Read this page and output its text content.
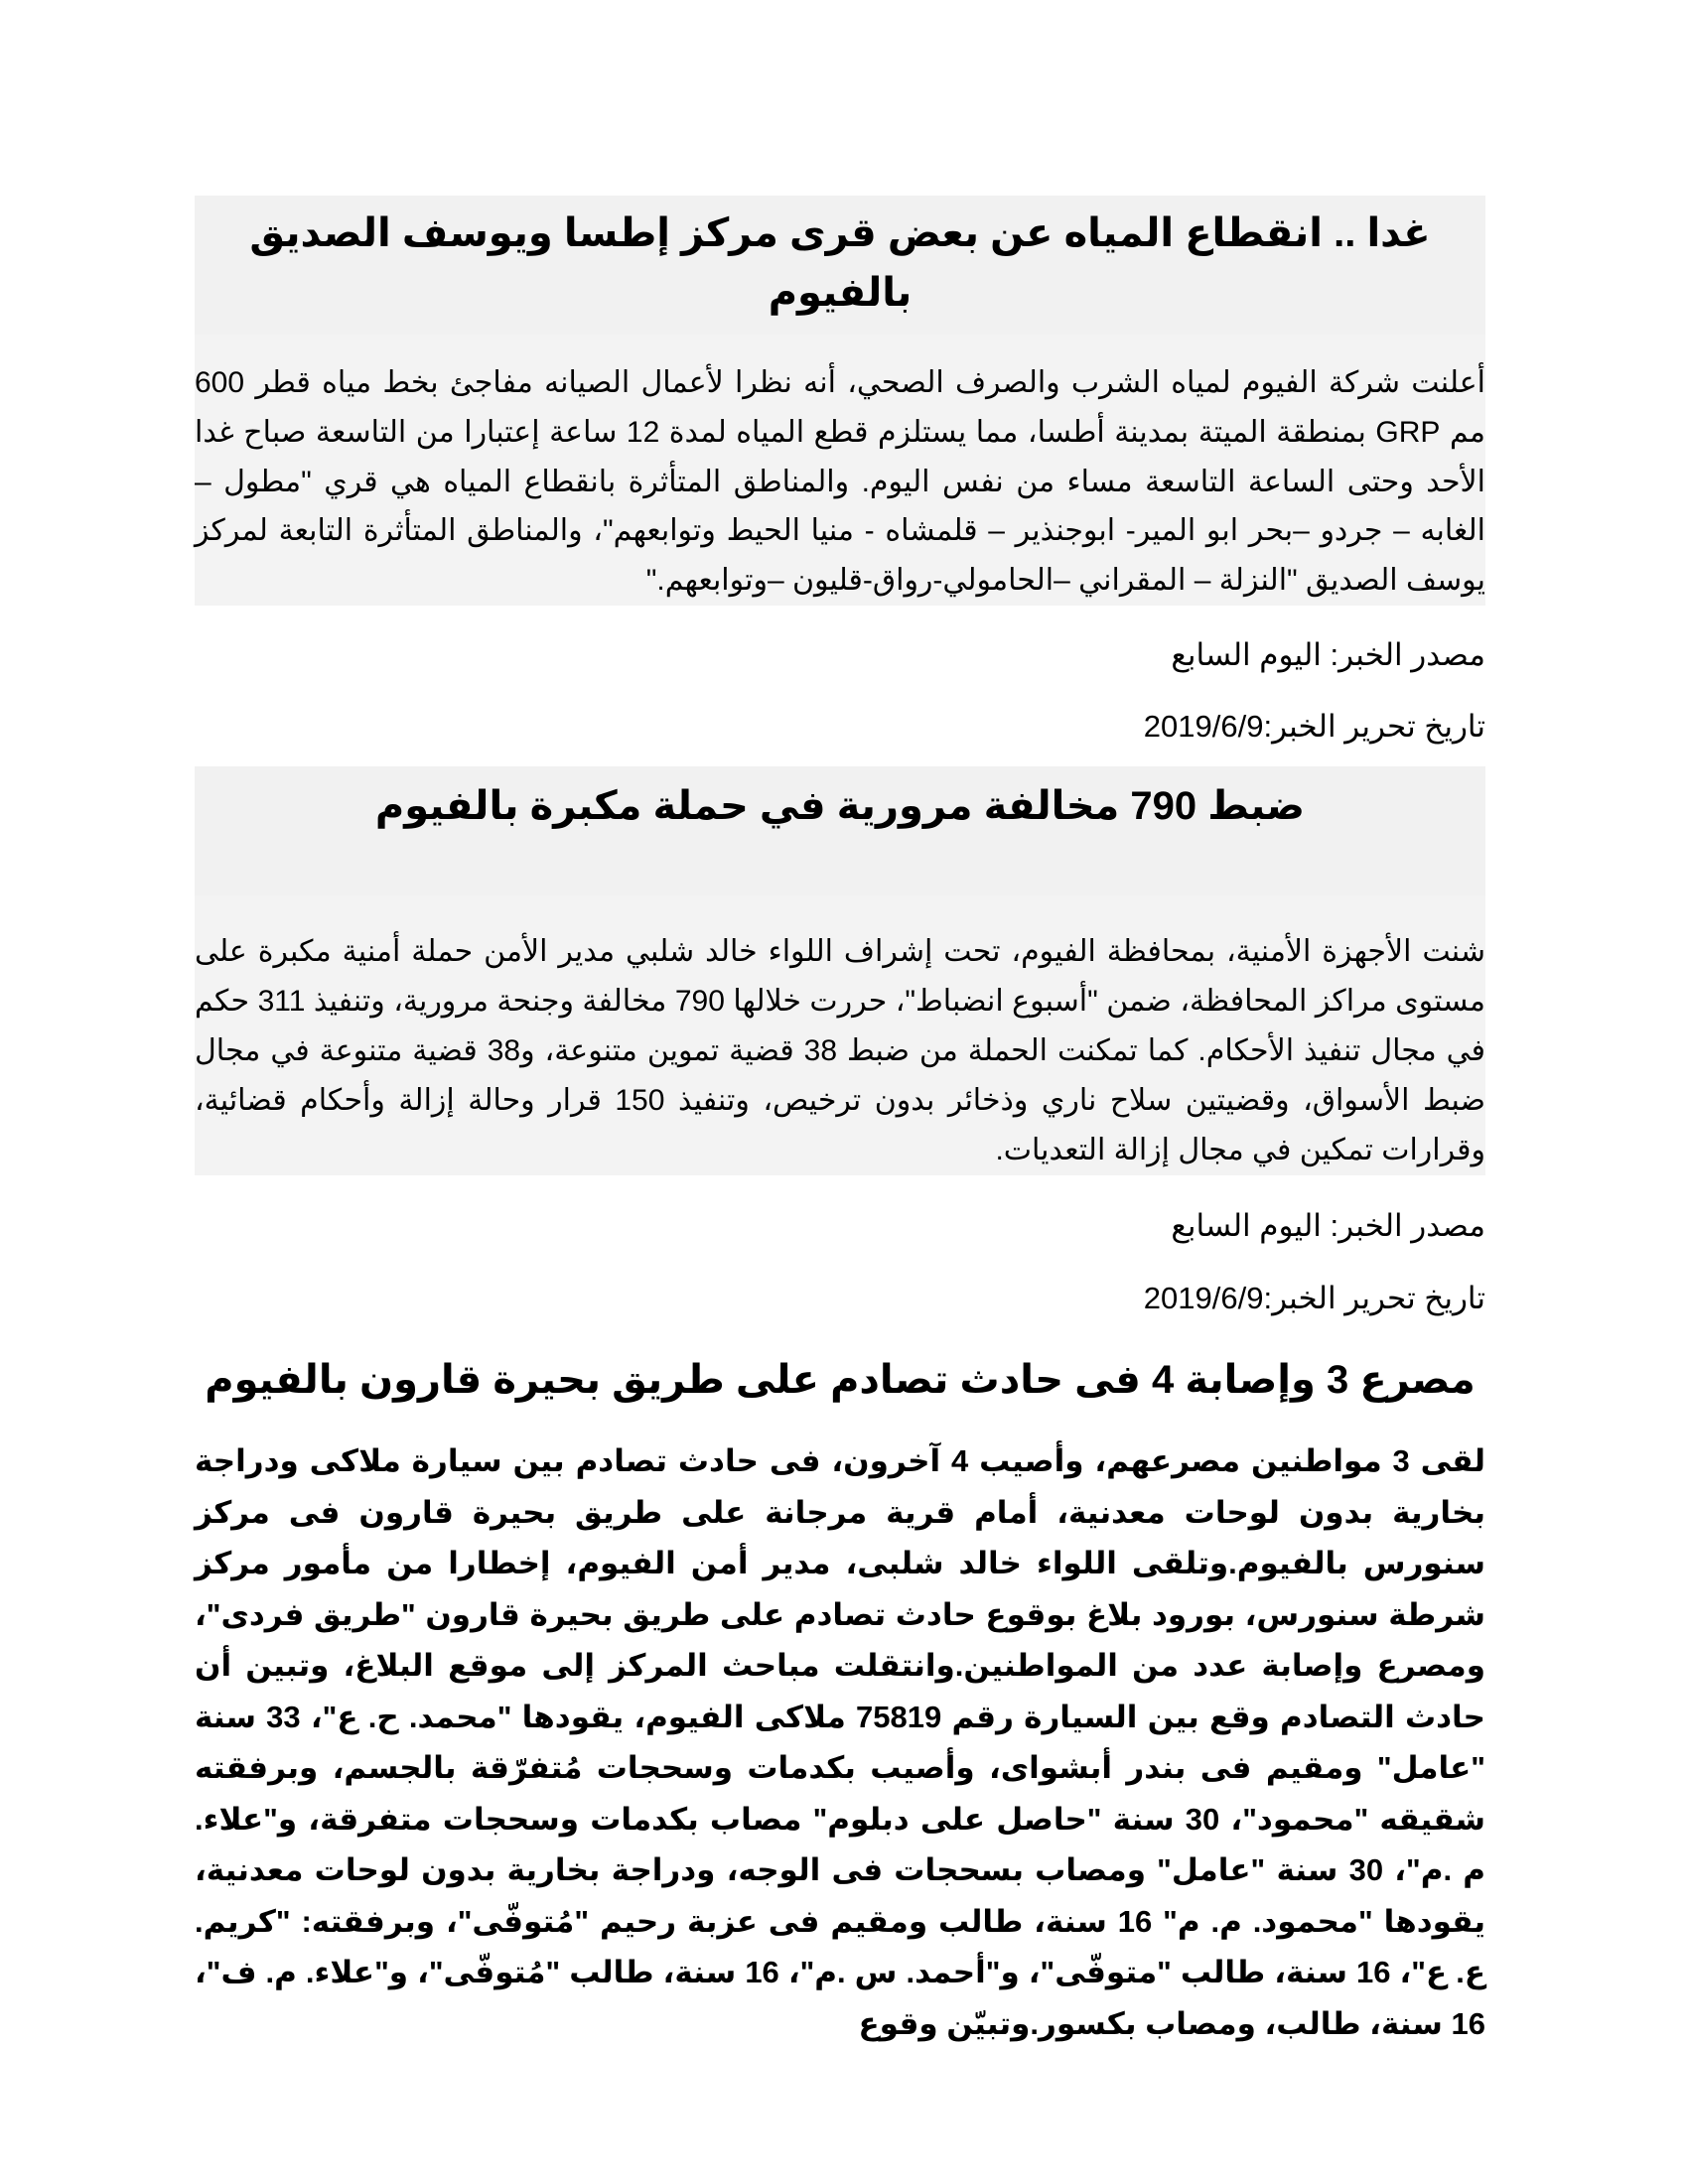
غدا .. انقطاع المياه عن بعض قرى مركز إطسا ويوسف الصديق بالفيوم

أعلنت شركة الفيوم لمياه الشرب والصرف الصحي، أنه نظرا لأعمال الصيانه مفاجئ بخط مياه قطر 600 مم GRP بمنطقة الميتة بمدينة أطسا، مما يستلزم قطع المياه لمدة 12 ساعة إعتبارا من التاسعة صباح غدا الأحد وحتى الساعة التاسعة مساء من نفس اليوم. والمناطق المتأثرة بانقطاع المياه هي قري "مطول –الغابه – جردو –بحر ابو المير- ابوجنذير – قلمشاه - منيا الحيط وتوابعهم"، والمناطق المتأثرة التابعة لمركز يوسف الصديق "النزلة – المقراني –الحامولي-رواق-قليون –وتوابعهم."

مصدر الخبر: اليوم السابع

تاريخ تحرير الخبر:2019/6/9

ضبط 790 مخالفة مرورية في حملة مكبرة بالفيوم

شنت الأجهزة الأمنية، بمحافظة الفيوم، تحت إشراف اللواء خالد شلبي مدير الأمن حملة أمنية مكبرة على مستوى مراكز المحافظة، ضمن "أسبوع انضباط"، حررت خلالها 790 مخالفة وجنحة مرورية، وتنفيذ 311 حكم في مجال تنفيذ الأحكام. كما تمكنت الحملة من ضبط 38 قضية تموين متنوعة، و38 قضية متنوعة في مجال ضبط الأسواق، وقضيتين سلاح ناري وذخائر بدون ترخيص، وتنفيذ 150 قرار وحالة إزالة وأحكام قضائية، وقرارات تمكين في مجال إزالة التعديات.

مصدر الخبر: اليوم السابع

تاريخ تحرير الخبر:2019/6/9

مصرع 3 وإصابة 4 فى حادث تصادم على طريق بحيرة قارون بالفيوم

لقى 3 مواطنين مصرعهم، وأصيب 4 آخرون، فى حادث تصادم بين سيارة ملاكى ودراجة بخارية بدون لوحات معدنية، أمام قرية مرجانة على طريق بحيرة قارون فى مركز سنورس بالفيوم.وتلقى اللواء خالد شلبى، مدير أمن الفيوم، إخطارا من مأمور مركز شرطة سنورس، بورود بلاغ بوقوع حادث تصادم على طريق بحيرة قارون "طريق فردى"، ومصرع وإصابة عدد من المواطنين.وانتقلت مباحث المركز إلى موقع البلاغ، وتبين أن حادث التصادم وقع بين السيارة رقم 75819 ملاكى الفيوم، يقودها "محمد. ح. ع"، 33 سنة "عامل" ومقيم فى بندر أبشواى، وأصيب بكدمات وسحجات مُتفرّقة بالجسم، وبرفقته شقيقه "محمود"، 30 سنة "حاصل على دبلوم" مصاب بكدمات وسحجات متفرقة، و"علاء. م .م"، 30 سنة "عامل" ومصاب بسحجات فى الوجه، ودراجة بخارية بدون لوحات معدنية، يقودها "محمود. م. م" 16 سنة، طالب ومقيم فى عزبة رحيم "مُتوفّى"، وبرفقته: "كريم. ع. ع"، 16 سنة، طالب "متوفّى"، و"أحمد. س .م"، 16 سنة، طالب "مُتوفّى"، و"علاء. م. ف"، 16 سنة، طالب، ومصاب بكسور.وتبيّن وقوع
